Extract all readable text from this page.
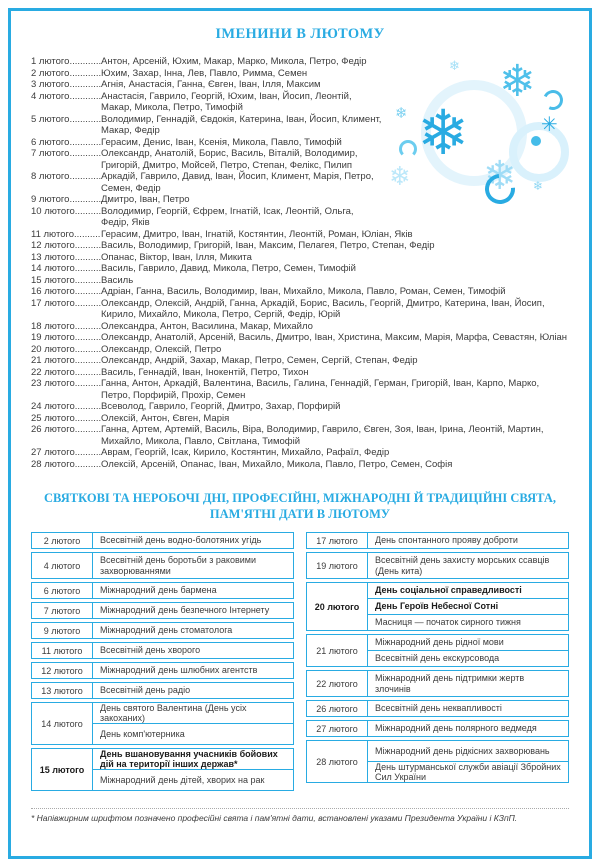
ІМЕНИНИ В ЛЮТОМУ
❄
❄
❄
✳
❄
❄
❄	❄
1 лютого .....	Антон, Арсеній, Юхим, Макар, Марко, Микола, Петро, Федір
2 лютого .....	Юхим, Захар, Інна, Лев, Павло, Римма, Семен
3 лютого .....	Агнія, Анастасія, Ганна, Євген, Іван, Ілля, Максим
4 лютого .....	Анастасія, Гаврило, Георгій, Юхим, Іван, Йосип, Леонтій, Макар, Микола, Петро, Тимофій
5 лютого .....	Володимир, Геннадій, Євдокія, Катерина, Іван, Йосип, Климент, Макар, Федір
6 лютого .....	Герасим, Денис, Іван, Ксенія, Микола, Павло, Тимофій
7 лютого .....	Олександр, Анатолій, Борис, Василь, Віталій, Володимир, Григорій, Дмитро, Мойсей, Петро, Степан, Фелікс, Пилип
8 лютого .....	Аркадій, Гаврило, Давид, Іван, Йосип, Климент, Марія, Петро, Семен, Федір
9 лютого .....	Дмитро, Іван, Петро
10 лютого .....	Володимир, Георгій, Єфрем, Ігнатій, Ісак, Леонтій, Ольга, Федір, Яків
11 лютого .....	Герасим, Дмитро, Іван, Ігнатій, Костянтин, Леонтій, Роман, Юліан, Яків
12 лютого .....	Василь, Володимир, Григорій, Іван, Максим, Пелагея, Петро, Степан, Федір
13 лютого .....	Опанас, Віктор, Іван, Ілля, Микита
14 лютого .....	Василь, Гаврило, Давид, Микола, Петро, Семен, Тимофій
15 лютого .....	Василь
16 лютого .....	Адріан, Ганна, Василь, Володимир, Іван, Михайло, Микола, Павло, Роман, Семен, Тимофій
17 лютого .....	Олександр, Олексій, Андрій, Ганна, Аркадій, Борис, Василь, Георгій, Дмитро, Катерина, Іван, Йосип, Кирило, Михайло, Микола, Петро, Сергій, Федір, Юрій
18 лютого .....	Олександра, Антон, Василина, Макар, Михайло
19 лютого .....	Олександр, Анатолій, Арсеній, Василь, Дмитро, Іван, Христина, Максим, Марія, Марфа, Севастян, Юліан
20 лютого .....	Олександр, Олексій, Петро
21 лютого .....	Олександр, Андрій, Захар, Макар, Петро, Семен, Сергій, Степан, Федір
22 лютого .....	Василь, Геннадій, Іван, Інокентій, Петро, Тихон
23 лютого .....	Ганна, Антон, Аркадій, Валентина, Василь, Галина, Геннадій, Герман, Григорій, Іван, Карпо, Марко, Петро, Порфирій, Прохір, Семен
24 лютого .....	Всеволод, Гаврило, Георгій, Дмитро, Захар, Порфирій
25 лютого .....	Олексій, Антон, Євген, Марія
26 лютого .....	Ганна, Артем, Артемій, Василь, Віра, Володимир, Гаврило, Євген, Зоя, Іван, Ірина, Леонтій, Мартин, Михайло, Микола, Павло, Світлана, Тимофій
27 лютого .....	Аврам, Георгій, Ісак, Кирило, Костянтин, Михайло, Рафаїл, Федір
28 лютого .....	Олексій, Арсеній, Опанас, Іван, Михайло, Микола, Павло, Петро, Семен, Софія
СВЯТКОВІ ТА НЕРОБОЧІ ДНІ, ПРОФЕСІЙНІ, МІЖНАРОДНІ Й ТРАДИЦІЙНІ СВЯТА,
ПАМ'ЯТНІ ДАТИ В ЛЮТОМУ
2 лютого	Всесвітній день водно-болотяних угідь
4 лютого
Всесвітній день боротьби з раковими захворюваннями
6 лютого	Міжнародний день бармена
7 лютого	Міжнародний день безпечного Інтернету
9 лютого	Міжнародний день стоматолога
11 лютого	Всесвітній день хворого
12 лютого	Міжнародний день шлюбних агентств
13 лютого	Всесвітній день радіо
14 лютого
День святого Валентина (День усіх закоханих)
День комп'ютерника
15 лютого
День вшановування учасників бойових дій на території інших держав*
Міжнародний день дітей, хворих на рак
17 лютого	День спонтанного прояву доброти
19 лютого
Всесвітній день захисту морських ссавців (День кита)
20 лютого
День соціальної справедливості
День Героїв Небесної Сотні
Масниця — початок сирного тижня
21 лютого
Міжнародний день рідної мови
Всесвітній день екскурсовода
22 лютого
Міжнародний день підтримки жертв злочинів
26 лютого	Всесвітній день неквапливості
27 лютого	Міжнародний день полярного ведмедя
28 лютого
Міжнародний день рідкісних захворювань
День штурманської служби авіації Збройних Сил України
* Напівжирним шрифтом позначено професійні свята і пам'ятні дати, встановлені указами Президента України і КЗпП.
